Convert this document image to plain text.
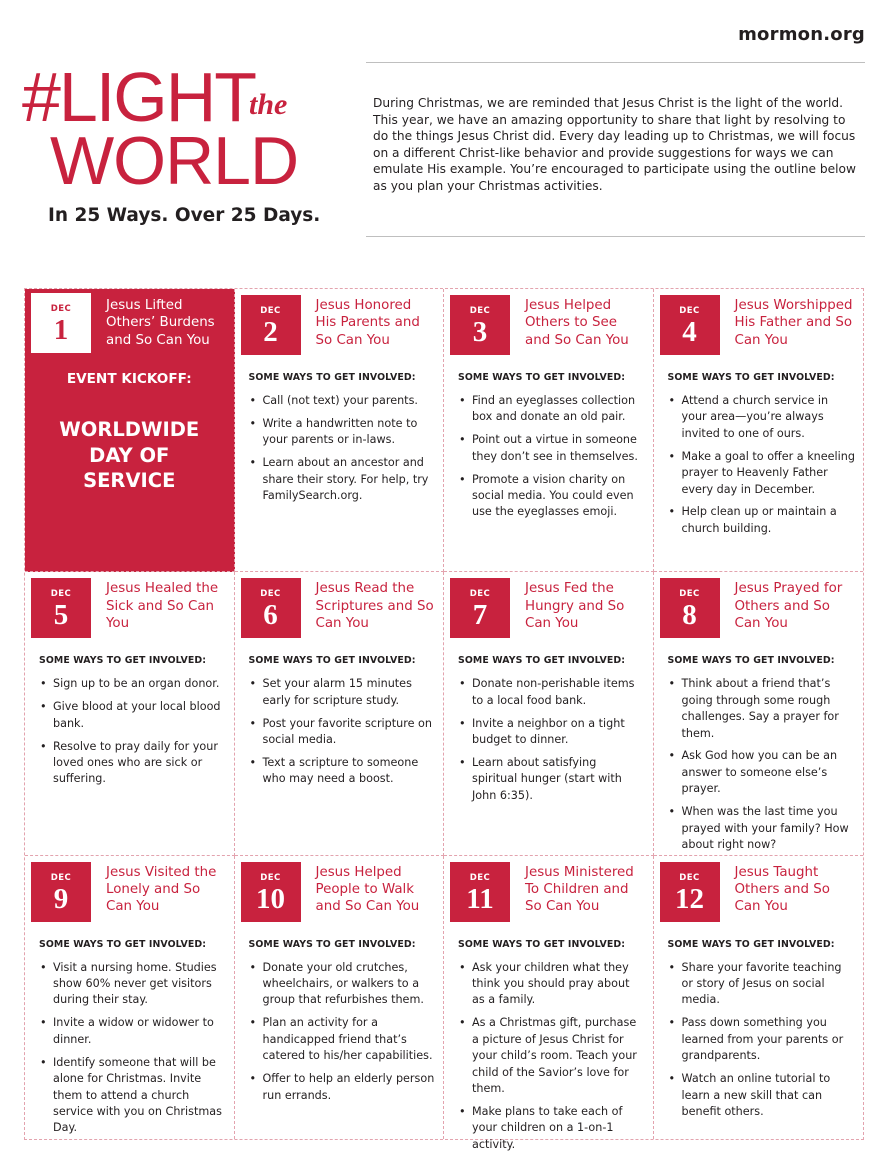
mormon.org
#LIGHT
the
WORLD
In 25 Ways. Over 25 Days.
During Christmas, we are reminded that Jesus Christ is the light of the world. This year, we have an amazing opportunity to share that light by resolving to do the things Jesus Christ did. Every day leading up to Christmas, we will focus on a different Christ-like behavior and provide suggestions for ways we can emulate His example. You’re encouraged to participate using the outline below as you plan your Christmas activities.
DEC
1
Jesus Lifted Others’ Burdens and So Can You
EVENT KICKOFF:
WORLDWIDE
DAY OF
SERVICE
DEC
2
Jesus Honored His Parents and So Can You
SOME WAYS TO GET INVOLVED:
• Call (not text) your parents.
• Write a handwritten note to your parents or in-laws.
• Learn about an ancestor and share their story. For help, try FamilySearch.org.
DEC
3
Jesus Helped Others to See and So Can You
SOME WAYS TO GET INVOLVED:
• Find an eyeglasses collection box and donate an old pair.
• Point out a virtue in someone they don’t see in themselves.
• Promote a vision charity on social media. You could even use the eyeglasses emoji.
DEC
4
Jesus Worshipped His Father and So Can You
SOME WAYS TO GET INVOLVED:
• Attend a church service in your area—you’re always invited to one of ours.
• Make a goal to offer a kneeling prayer to Heavenly Father every day in December.
• Help clean up or maintain a church building.
DEC
5
Jesus Healed the Sick and So Can You
SOME WAYS TO GET INVOLVED:
• Sign up to be an organ donor.
• Give blood at your local blood bank.
• Resolve to pray daily for your loved ones who are sick or suffering.
DEC
6
Jesus Read the Scriptures and So Can You
SOME WAYS TO GET INVOLVED:
• Set your alarm 15 minutes early for scripture study.
• Post your favorite scripture on social media.
• Text a scripture to someone who may need a boost.
DEC
7
Jesus Fed the Hungry and So Can You
SOME WAYS TO GET INVOLVED:
• Donate non-perishable items to a local food bank.
• Invite a neighbor on a tight budget to dinner.
• Learn about satisfying spiritual hunger (start with John 6:35).
DEC
8
Jesus Prayed for Others and So Can You
SOME WAYS TO GET INVOLVED:
• Think about a friend that’s going through some rough challenges. Say a prayer for them.
• Ask God how you can be an answer to someone else’s prayer.
• When was the last time you prayed with your family? How about right now?
DEC
9
Jesus Visited the Lonely and So Can You
SOME WAYS TO GET INVOLVED:
• Visit a nursing home. Studies show 60% never get visitors during their stay.
• Invite a widow or widower to dinner.
• Identify someone that will be alone for Christmas. Invite them to attend a church service with you on Christmas Day.
DEC
10
Jesus Helped People to Walk and So Can You
SOME WAYS TO GET INVOLVED:
• Donate your old crutches, wheelchairs, or walkers to a group that refurbishes them.
• Plan an activity for a handicapped friend that’s catered to his/her capabilities.
• Offer to help an elderly person run errands.
DEC
11
Jesus Ministered To Children and So Can You
SOME WAYS TO GET INVOLVED:
• Ask your children what they think you should pray about as a family.
• As a Christmas gift, purchase a picture of Jesus Christ for your child’s room. Teach your child of the Savior’s love for them.
• Make plans to take each of your children on a 1-on-1 activity.
DEC
12
Jesus Taught Others and So Can You
SOME WAYS TO GET INVOLVED:
• Share your favorite teaching or story of Jesus on social media.
• Pass down something you learned from your parents or grandparents.
• Watch an online tutorial to learn a new skill that can benefit others.
